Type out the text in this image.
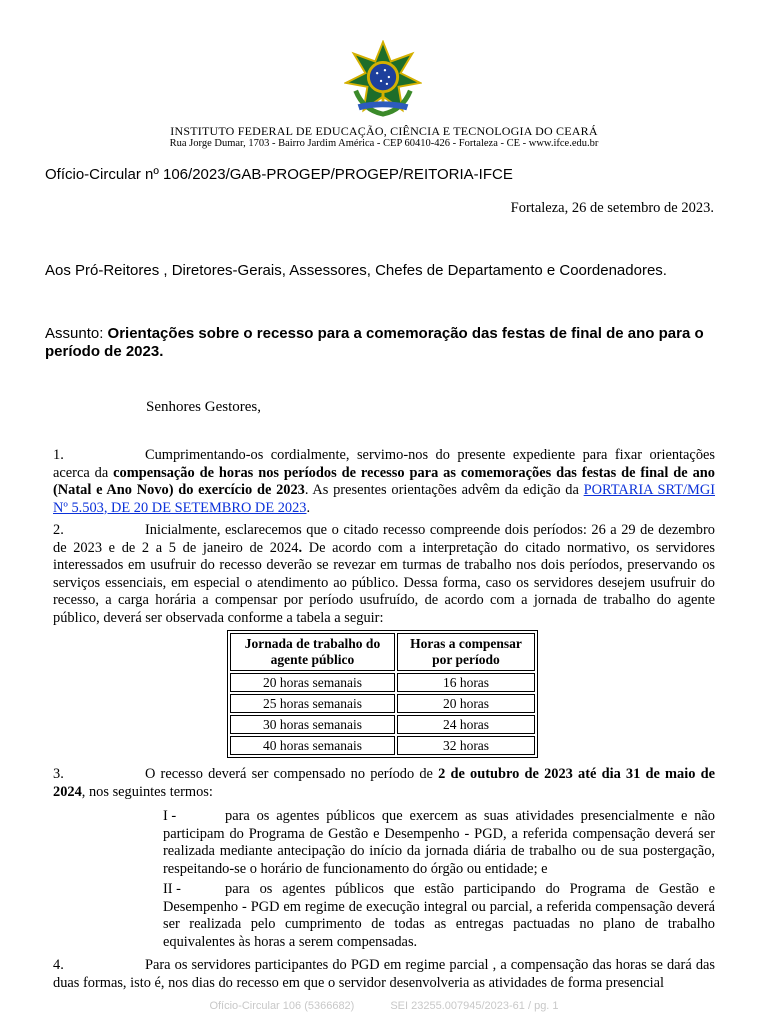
INSTITUTO FEDERAL DE EDUCAÇÃO, CIÊNCIA E TECNOLOGIA DO CEARÁ
Rua Jorge Dumar, 1703 - Bairro Jardim América - CEP 60410-426 - Fortaleza - CE - www.ifce.edu.br
Ofício-Circular nº 106/2023/GAB-PROGEP/PROGEP/REITORIA-IFCE
Fortaleza, 26 de setembro de 2023.
Aos Pró-Reitores , Diretores-Gerais, Assessores, Chefes de Departamento e Coordenadores.
Assunto: Orientações sobre o recesso para a comemoração das festas de final de ano para o período de 2023.
Senhores Gestores,
1.	Cumprimentando-os cordialmente, servimo-nos do presente expediente para fixar orientações acerca da compensação de horas nos períodos de recesso para as comemorações das festas de final de ano (Natal e Ano Novo) do exercício de 2023. As presentes orientações advêm da edição da PORTARIA SRT/MGI Nº 5.503, DE 20 DE SETEMBRO DE 2023.
2.	Inicialmente, esclarecemos que o citado recesso compreende dois períodos: 26 a 29 de dezembro de 2023 e de 2 a 5 de janeiro de 2024. De acordo com a interpretação do citado normativo, os servidores interessados em usufruir do recesso deverão se revezar em turmas de trabalho nos dois períodos, preservando os serviços essenciais, em especial o atendimento ao público. Dessa forma, caso os servidores desejem usufruir do recesso, a carga horária a compensar por período usufruído, de acordo com a jornada de trabalho do agente público, deverá ser observada conforme a tabela a seguir:
Jornada de trabalho do agente público	Horas a compensar por período
20 horas semanais	16 horas
25 horas semanais	20 horas
30 horas semanais	24 horas
40 horas semanais	32 horas
3.	O recesso deverá ser compensado no período de 2 de outubro de 2023 até dia 31 de maio de 2024, nos seguintes termos:
I -	para os agentes públicos que exercem as suas atividades presencialmente e não participam do Programa de Gestão e Desempenho - PGD, a referida compensação deverá ser realizada mediante antecipação do início da jornada diária de trabalho ou de sua postergação, respeitando-se o horário de funcionamento do órgão ou entidade; e
II -	para os agentes públicos que estão participando do Programa de Gestão e Desempenho - PGD em regime de execução integral ou parcial, a referida compensação deverá ser realizada pelo cumprimento de todas as entregas pactuadas no plano de trabalho equivalentes às horas a serem compensadas.
4.	Para os servidores participantes do PGD em regime parcial , a compensação das horas se dará das duas formas, isto é, nos dias do recesso em que o servidor desenvolveria as atividades de forma presencial
Ofício-Circular 106 (5366682)	SEI 23255.007945/2023-61 / pg. 1
